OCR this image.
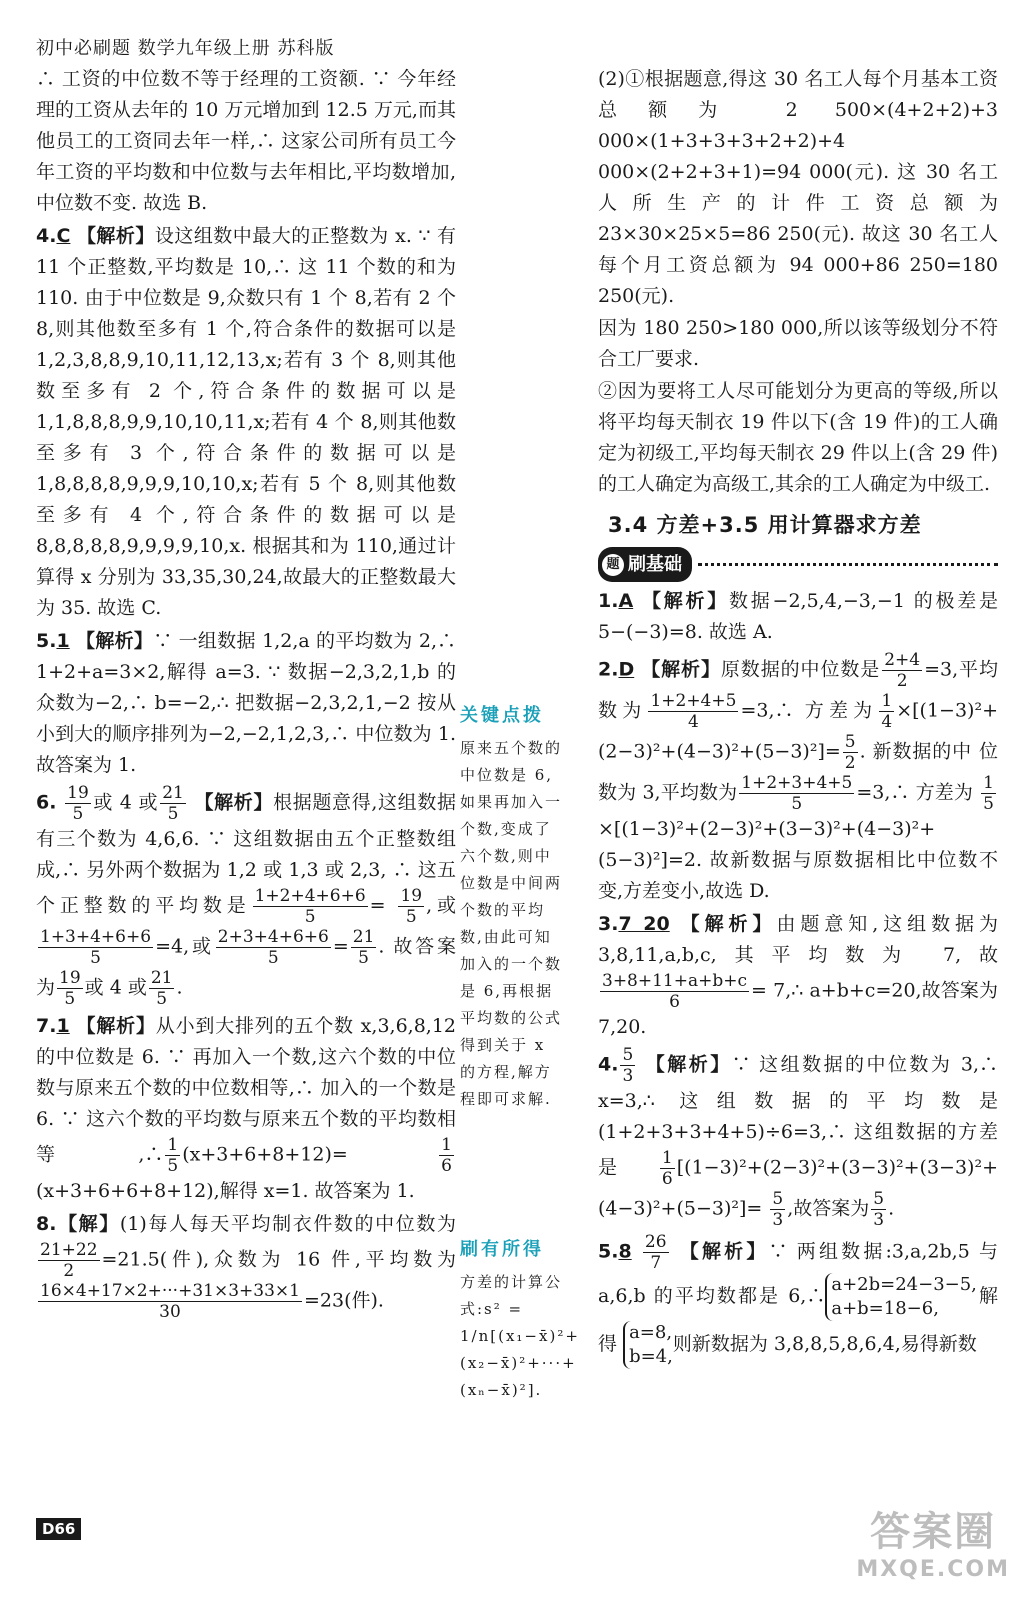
初中必刷题 数学九年级上册 苏科版

∴ 工资的中位数不等于经理的工资额. ∵ 今年经理的工资从去年的 10 万元增加到 12.5 万元,而其他员工的工资同去年一样,∴ 这家公司所有员工今年工资的平均数和中位数与去年相比,平均数增加,中位数不变. 故选 B.

4.C 【解析】设这组数中最大的正整数为 x. ∵ 有 11 个正整数,平均数是 10,∴ 这 11 个数的和为 110. 由于中位数是 9,众数只有 1 个 8,若有 2 个 8,则其他数至多有 1 个,符合条件的数据可以是 1,2,3,8,8,9,10,11,12,13,x;若有 3 个 8,则其他数至多有 2 个,符合条件的数据可以是 1,1,8,8,8,9,9,10,10,11,x;若有 4 个 8,则其他数至多有 3 个,符合条件的数据可以是 1,8,8,8,8,9,9,9,10,10,x;若有 5 个 8,则其他数至多有 4 个,符合条件的数据可以是 8,8,8,8,8,9,9,9,9,10,x. 根据其和为 110,通过计算得 x 分别为 33,35,30,24,故最大的正整数最大为 35. 故选 C.

5.1 【解析】∵ 一组数据 1,2,a 的平均数为 2,∴ 1+2+a=3×2,解得 a=3. ∵ 数据−2,3,2,1,b 的众数为−2,∴ b=−2,∴ 把数据−2,3,2,1,−2 按从小到大的顺序排列为−2,−2,1,2,3,∴ 中位数为 1. 故答案为 1.

6. $\frac{19}{5}$ 或 4 或 $\frac{21}{5}$ 【解析】根据题意得,这组数据有三个数为 4,6,6. ∵ 这组数据由五个正整数组成,∴ 另外两个数据为 1,2 或 1,3 或 2,3, ∴ 这五个正整数的平均数是 $\frac{1+2+4+6+6}{5} = \frac{19}{5}$ ,或
$\frac{1+3+4+6+6}{5} =4$,或 $\frac{2+3+4+6+6}{5} = \frac{21}{5}$ . 故答案为 $\frac{19}{5}$ 或 4 或 $\frac{21}{5}$ .

7.1 【解析】从小到大排列的五个数 x,3,6,8,12 的中位数是 6. ∵ 再加入一个数,这六个数的中位数与原来五个数的中位数相等,∴ 加入的一个数是 6. ∵ 这六个数的平均数与原来五个数的平均数相等,∴ $\frac{1}{5} (x+3+6+8+12)=$	$\frac{1}{6}$
(x+3+6+6+8+12),解得 x=1. 故答案为 1.

8.【解】(1)每人每天平均制衣件数的中位数为
$\frac{21+22}{2} =21.5$(件),众数为 16 件,平均数为
$\frac{16\times 4+17\times 2+\cdot\cdot\cdot+31\times 3+33\times 1}{30} =23$(件).

关键点拨
原来五个数的中位数是 6,如果再加入一个数,变成了六个数,则中位数是中间两个数的平均数,由此可知加入的一个数是 6,再根据平均数的公式得到关于 x 的方程,解方程即可求解.
刷有所得
方差的计算公式:s² = 1/n[(x₁−x̄)²+(x₂−x̄)²+···+(xₙ−x̄)²].

(2)①根据题意,得这 30 名工人每个月基本工资总额为 2 500×(4+2+2)+3 000×(1+3+3+3+2+2)+4 000×(2+2+3+1)=94 000(元). 这 30 名工人所生产的计件工资总额为 23×30×25×5=86 250(元). 故这 30 名工人每个月工资总额为 94 000+86 250=180 250(元).

因为 180 250>180 000,所以该等级划分不符合工厂要求.

②因为要将工人尽可能划分为更高的等级,所以将平均每天制衣 19 件以下(含 19 件)的工人确定为初级工,平均每天制衣 29 件以上(含 29 件)的工人确定为高级工,其余的工人确定为中级工.

3.4 方差+3.5 用计算器求方差
题 刷基础

1.A 【解析】数据−2,5,4,−3,−1 的极差是 5−(−3)=8. 故选 A.

2.D 【解析】原数据的中位数是 $\frac{2+4}{2} =3$,平均 数为 $\frac{1+2+4+5}{4}$ =3,∴ 方差为 $\frac{1}{4} \times[(1-3)^2+ (2-3)^2+(4-3)^2+(5-3)^2]= \frac{5}{2}$ . 新数据的中 位数为 3,平均数为 $\frac{1+2+3+4+5}{5}$ =3,∴ 方差为 $\frac{1}{5}$
×[(1−3)²+(2−3)²+(3−3)²+(4−3)²+(5−3)²]=2. 故新数据与原数据相比中位数不变,方差变小,故选 D.

3.7 20 【解析】由题意知,这组数据为 3,8,11,a,b,c,其平均数为 7,故
$\frac{3+8+11+a+b+c}{6}$ = 7,∴ a+b+c=20,故答案为 7,20.

4. $\frac{5}{3}$ 【解析】∵ 这组数据的中位数为 3,∴ x=3,∴ 这组数据的平均数是(1+2+3+3+4+5)÷6=3,∴ 这组数据的方差是 $\frac{1}{6} [(1-3)^2+(2-3)^2+(3-3)^2+(3-3)^2+(4-3)^2+(5-3)^2]= \frac{5}{3}$ ,故答案为 $\frac{5}{3}$ .

$5.8 \frac{26}{7}$ 【解析】∵ 两组数据:3,a,2b,5 与 a,6,b 的平均数都是 6,∴
a+2b=24−3−5,
a+b=18−6,
解得
a=8,
b=4,
则新数据为 3,8,8,5,8,6,4,易得新数

D66	答案圈
MXQE.COM
